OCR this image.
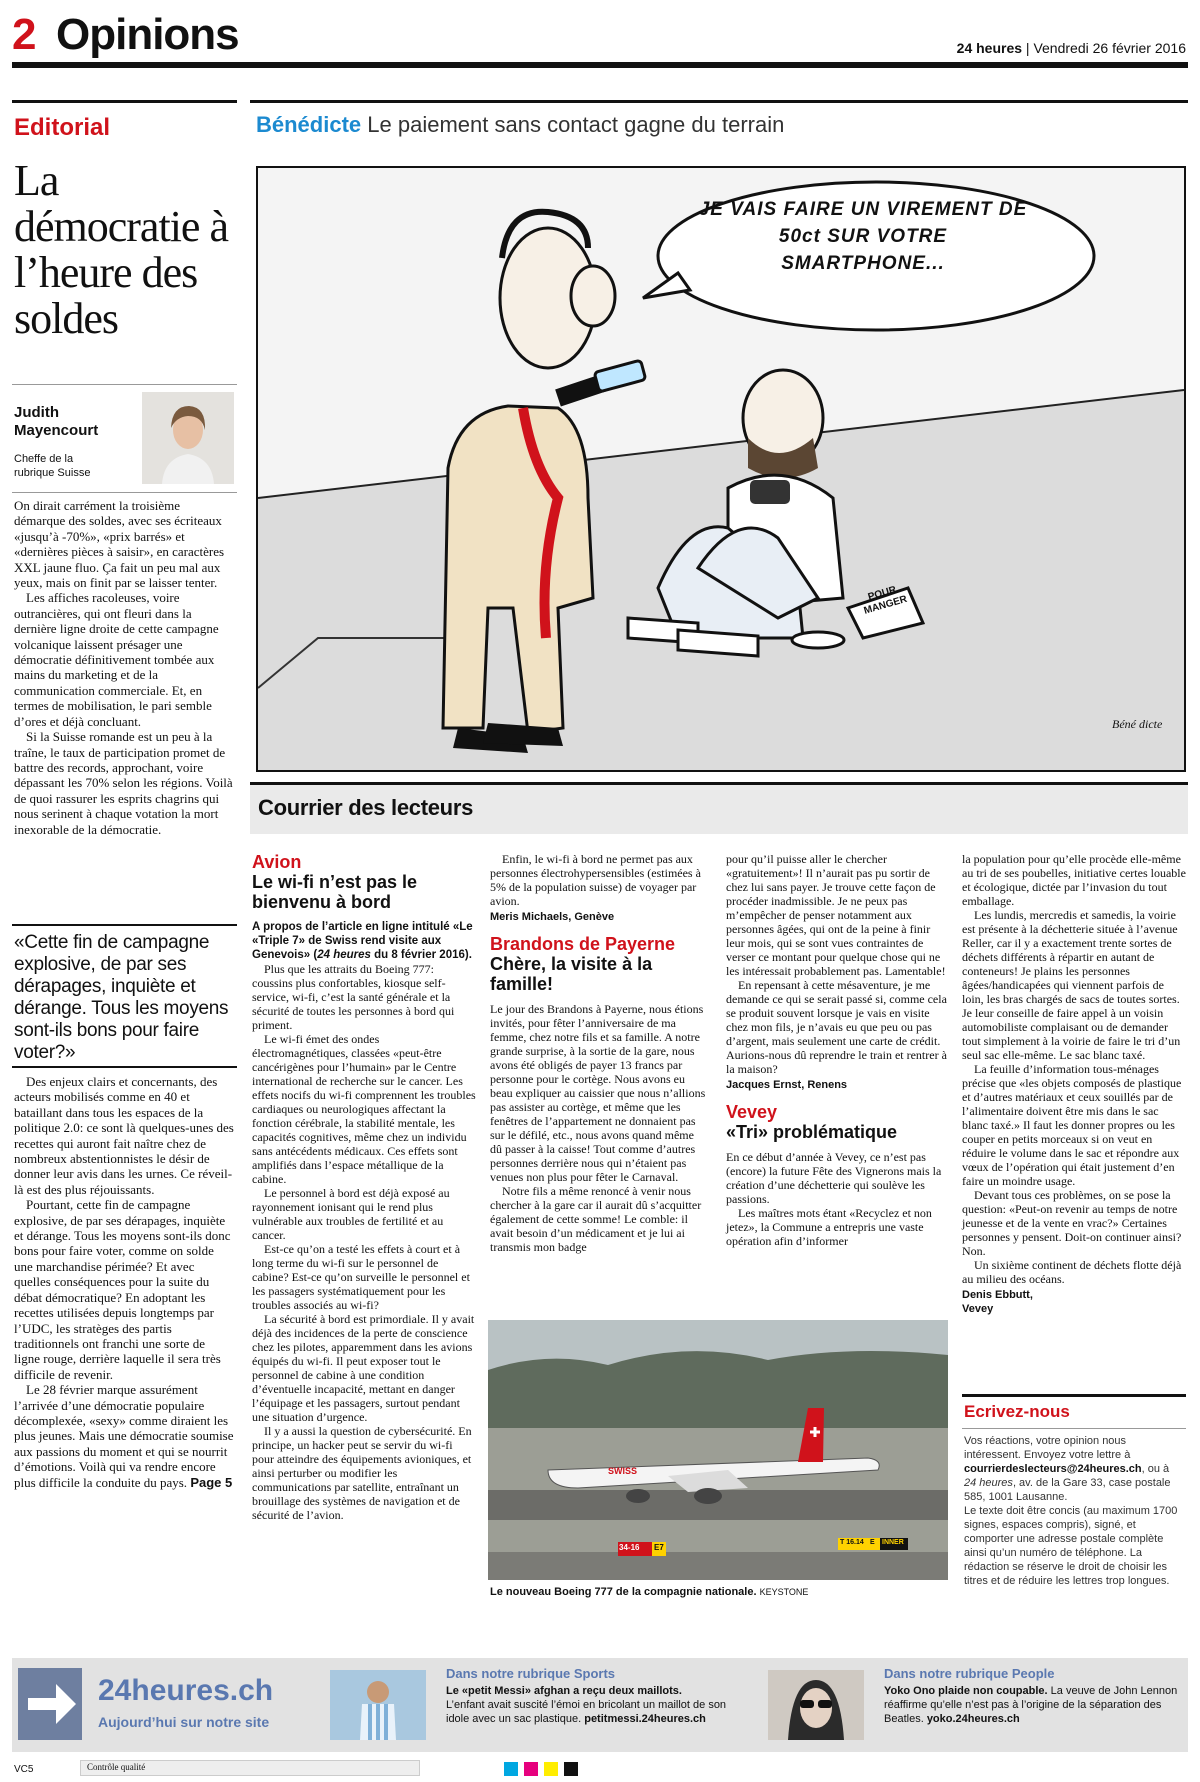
2 Opinions	24 heures | Vendredi 26 février 2016
Editorial
La démocratie à l’heure des soldes
Judith
Mayencourt
Cheffe de la rubrique Suisse

On dirait carrément la troisième démarque des soldes, avec ses écriteaux «jusqu’à -70%», «prix barrés» et «dernières pièces à saisir», en caractères XXL jaune fluo. Ça fait un peu mal aux yeux, mais on finit par se laisser tenter.

Les affiches racoleuses, voire outrancières, qui ont fleuri dans la dernière ligne droite de cette campagne volcanique laissent présager une démocratie définitivement tombée aux mains du marketing et de la communication commerciale. Et, en termes de mobilisation, le pari semble d’ores et déjà concluant.

Si la Suisse romande est un peu à la traîne, le taux de participation promet de battre des records, approchant, voire dépassant les 70% selon les régions. Voilà de quoi rassurer les esprits chagrins qui nous serinent à chaque votation la mort inexorable de la démocratie.

«Cette fin de campagne explosive, de par ses dérapages, inquiète et dérange. Tous les moyens sont-ils bons pour faire voter?»

Des enjeux clairs et concernants, des acteurs mobilisés comme en 40 et bataillant dans tous les espaces de la politique 2.0: ce sont là quelques-unes des recettes qui auront fait naître chez de nombreux abstentionnistes le désir de donner leur avis dans les urnes. Ce réveil-là est des plus réjouissants.

Pourtant, cette fin de campagne explosive, de par ses dérapages, inquiète et dérange. Tous les moyens sont-ils donc bons pour faire voter, comme on solde une marchandise périmée? Et avec quelles conséquences pour la suite du débat démocratique? En adoptant les recettes utilisées depuis longtemps par l’UDC, les stratèges des partis traditionnels ont franchi une sorte de ligne rouge, derrière laquelle il sera très difficile de revenir.

Le 28 février marque assurément l’arrivée d’une démocratie populaire décomplexée, «sexy» comme diraient les plus jeunes. Mais une démocratie soumise aux passions du moment et qui se nourrit d’émotions. Voilà qui va rendre encore plus difficile la conduite du pays. Page 5

Bénédicte Le paiement sans contact gagne du terrain
JE VAIS FAIRE UN VIREMENT DE 50ct SUR VOTRE SMARTPHONE...
POUR MANGER
Béné dicte
Courrier des lecteurs
Avion
Le wi-fi n’est pas le bienvenu à bord

A propos de l’article en ligne intitulé «Le «Triple 7» de Swiss rend visite aux Genevois» (24 heures du 8 février 2016).

Plus que les attraits du Boeing 777: coussins plus confortables, kiosque self-service, wi-fi, c’est la santé générale et la sécurité de toutes les personnes à bord qui priment.

Le wi-fi émet des ondes électromagnétiques, classées «peut-être cancérigènes pour l’humain» par le Centre international de recherche sur le cancer. Les effets nocifs du wi-fi comprennent les troubles cardiaques ou neurologiques affectant la fonction cérébrale, la stabilité mentale, les capacités cognitives, même chez un individu sans antécédents médicaux. Ces effets sont amplifiés dans l’espace métallique de la cabine.

Le personnel à bord est déjà exposé au rayonnement ionisant qui le rend plus vulnérable aux troubles de fertilité et au cancer.

Est-ce qu’on a testé les effets à court et à long terme du wi-fi sur le personnel de cabine? Est-ce qu’on surveille le personnel et les passagers systématiquement pour les troubles associés au wi-fi?

La sécurité à bord est primordiale. Il y avait déjà des incidences de la perte de conscience chez les pilotes, apparemment dans les avions équipés du wi-fi. Il peut exposer tout le personnel de cabine à une condition d’éventuelle incapacité, mettant en danger l’équipage et les passagers, surtout pendant une situation d’urgence.

Il y a aussi la question de cybersécurité. En principe, un hacker peut se servir du wi-fi pour atteindre des équipements avioniques, et ainsi perturber ou modifier les communications par satellite, entraînant un brouillage des systèmes de navigation et de sécurité de l’avion.

Enfin, le wi-fi à bord ne permet pas aux personnes électrohypersensibles (estimées à 5% de la population suisse) de voyager par avion.

Meris Michaels, Genève
Brandons de Payerne
Chère, la visite à la famille!

Le jour des Brandons à Payerne, nous étions invités, pour fêter l’anniversaire de ma femme, chez notre fils et sa famille. A notre grande surprise, à la sortie de la gare, nous avons été obligés de payer 13 francs par personne pour le cortège. Nous avons eu beau expliquer au caissier que nous n’allions pas assister au cortège, et même que les fenêtres de l’appartement ne donnaient pas sur le défilé, etc., nous avons quand même dû passer à la caisse! Tout comme d’autres personnes derrière nous qui n’étaient pas venues non plus pour fêter le Carnaval.

Notre fils a même renoncé à venir nous chercher à la gare car il aurait dû s’acquitter également de cette somme! Le comble: il avait besoin d’un médicament et je lui ai transmis mon badge

pour qu’il puisse aller le chercher «gratuitement»! Il n’aurait pas pu sortir de chez lui sans payer. Je trouve cette façon de procéder inadmissible. Je ne peux pas m’empêcher de penser notamment aux personnes âgées, qui ont de la peine à finir leur mois, qui se sont vues contraintes de verser ce montant pour quelque chose qui ne les intéressait probablement pas. Lamentable!

En repensant à cette mésaventure, je me demande ce qui se serait passé si, comme cela se produit souvent lorsque je vais en visite chez mon fils, je n’avais eu que peu ou pas d’argent, mais seulement une carte de crédit. Aurions-nous dû reprendre le train et rentrer à la maison?

Jacques Ernst, Renens
Vevey
«Tri» problématique

En ce début d’année à Vevey, ce n’est pas (encore) la future Fête des Vignerons mais la création d’une déchetterie qui soulève les passions.

Les maîtres mots étant «Recyclez et non jetez», la Commune a entrepris une vaste opération afin d’informer

la population pour qu’elle procède elle-même au tri de ses poubelles, initiative certes louable et écologique, dictée par l’invasion du tout emballage.

Les lundis, mercredis et samedis, la voirie est présente à la déchetterie située à l’avenue Reller, car il y a exactement trente sortes de déchets différents à répartir en autant de conteneurs! Je plains les personnes âgées/handicapées qui viennent parfois de loin, les bras chargés de sacs de toutes sortes. Je leur conseille de faire appel à un voisin automobiliste complaisant ou de demander tout simplement à la voirie de faire le tri d’un seul sac elle-même. Le sac blanc taxé.

La feuille d’information tous-ménages précise que «les objets composés de plastique et d’autres matériaux et ceux souillés par de l’alimentaire doivent être mis dans le sac blanc taxé.» Il faut les donner propres ou les couper en petits morceaux si on veut en réduire le volume dans le sac et répondre aux vœux de l’opération qui était justement d’en faire un moindre usage.

Devant tous ces problèmes, on se pose la question: «Peut-on revenir au temps de notre jeunesse et de la vente en vrac?» Certaines personnes y pensent. Doit-on continuer ainsi? Non.

Un sixième continent de déchets flotte déjà au milieu des océans.

Denis Ebbutt,
Vevey
SWISS
34-16 E7
T 16.14 E INNER
Le nouveau Boeing 777 de la compagnie nationale. KEYSTONE
Ecrivez-nous

Vos réactions, votre opinion nous intéressent. Envoyez votre lettre à courrierdeslecteurs@24heures.ch, ou à 24 heures, av. de la Gare 33, case postale 585, 1001 Lausanne.

Le texte doit être concis (au maximum 1700 signes, espaces compris), signé, et comporter une adresse postale complète ainsi qu’un numéro de téléphone. La rédaction se réserve le droit de choisir les titres et de réduire les lettres trop longues.

24heures.ch
Aujourd’hui sur notre site
Dans notre rubrique Sports
Le «petit Messi» afghan a reçu deux maillots.
L’enfant avait suscité l’émoi en bricolant un maillot de son idole avec un sac plastique. petitmessi.24heures.ch
Dans notre rubrique People
Yoko Ono plaide non coupable. La veuve de John Lennon réaffirme qu’elle n’est pas à l’origine de la séparation des Beatles. yoko.24heures.ch
VC5	Contrôle qualité
